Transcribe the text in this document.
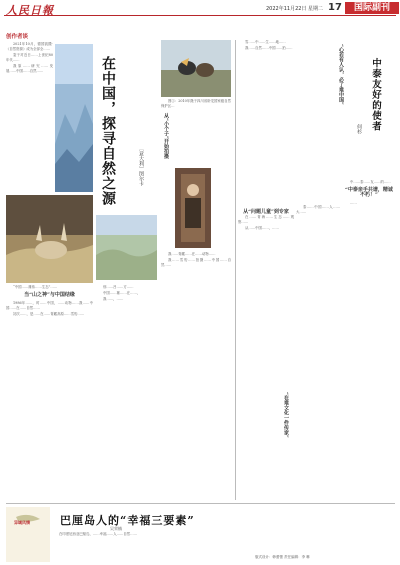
人民日報	2022年11月22日 星期二 17	国际副刊
创作者谈

2021年10月，德国凯撒·《自然资源》成为全部全……

鉴于对近日……上世纪80年代……

我原……研究……发展……中国……自然……

“中国……雄伟……生态”……

当“山之神”与中国结缘

1986年……，时……中国，……动物……我……中国……在……自然……

初次……，是……在……青藏高原……雪豹……

在中国，探寻自然之源	［意大利］图尔卡

别……吕……方……

中国……雄……在……，

我……，……

图①：2010年摄于四川省卧龙国家级自然保护区…

从“小个子”开始拍摄

我……青藏……在……动物……

我……雪豹……拍摄……中国……自然……

雪……中……生……地……

我……自然……中国……拍……

从“问题儿童”到专家

在……青海……生态……观察……

从……中国……，……

“心若有人认，必了难中国”	中泰友好的使者
何杉

泰……中国……人……大……

中……泰……友……的……

“中泰亲手共谱，精诚不朽！”

……

“在难文化一件传家”
巴厘岛人的“幸福三要素”
吴荣楠
异域风情

在印度尼西亚巴厘岛，……幸福……人……自然……

版式设计：韩蕾蕾 责任编辑：李 琳
